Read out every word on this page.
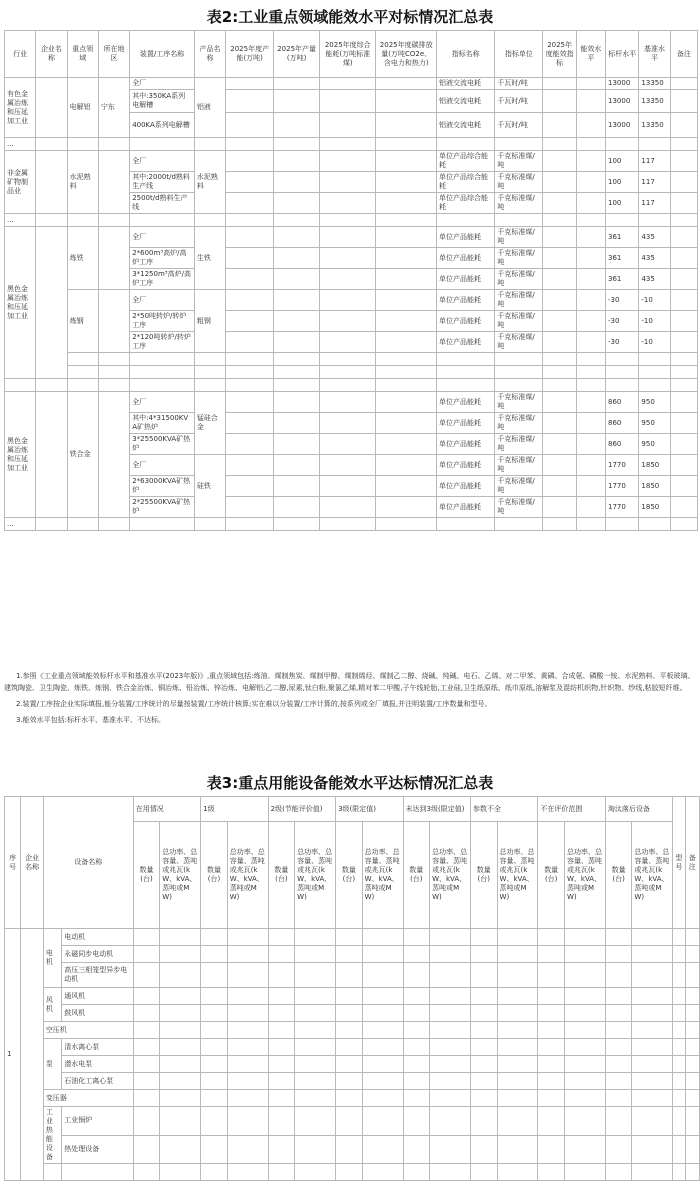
表2:工业重点领域能效水平对标情况汇总表
行业	企业名称	重点领域	所在地区	装置/工序名称	产品名称	2025年度产能(万吨)	2025年产量(万吨)	2025年度综合能耗(万吨标准煤)	2025年度碳排放量(万吨CO2e、含电力和热力)	指标名称	指标单位	2025年度能效指标	能效水平	标杆水平	基准水平	备注
有色金属冶炼和压延加工业		电解铝	宁东	全厂	铝液					铝液交流电耗	千瓦时/吨			13000	13350	
				其中:350KA系列电解槽						铝液交流电耗	千瓦时/吨			13000	13350	
				400KA系列电解槽						铝液交流电耗	千瓦时/吨			13000	13350	
...																
非金属矿物制品业		水泥熟料		全厂	水泥熟料					单位产品综合能耗	千克标准煤/吨			100	117	
				其中:2000t/d熟料生产线						单位产品综合能耗	千克标准煤/吨			100	117	
				2500t/d熟料生产线						单位产品综合能耗	千克标准煤/吨			100	117	
...																
黑色金属冶炼和压延加工业		炼铁		全厂	生铁					单位产品能耗	千克标准煤/吨			361	435	
				2*600m³高炉/高炉工序						单位产品能耗	千克标准煤/吨			361	435	
				3*1250m³高炉/高炉工序						单位产品能耗	千克标准煤/吨			361	435	
		炼钢		全厂	粗钢					单位产品能耗	千克标准煤/吨			-30	-10	
				2*50吨转炉/转炉工序						单位产品能耗	千克标准煤/吨			-30	-10	
				2*120吨转炉/转炉工序						单位产品能耗	千克标准煤/吨			-30	-10	

黑色金属冶炼和压延加工业		铁合金		全厂	锰硅合金					单位产品能耗	千克标准煤/吨			860	950	
				其中:4*31500KVA矿热炉						单位产品能耗	千克标准煤/吨			860	950	
				3*25500KVA矿热炉						单位产品能耗	千克标准煤/吨			860	950	
				全厂	硅铁					单位产品能耗	千克标准煤/吨			1770	1850	
				2*63000KVA矿热炉						单位产品能耗	千克标准煤/吨			1770	1850	
				2*25500KVA矿热炉						单位产品能耗	千克标准煤/吨			1770	1850	
...																

1.参照《工业重点领域能效标杆水平和基准水平(2023年版)》,重点领域包括:炼油、煤制焦炭、煤制甲醇、煤制烯烃、煤制乙二醇、烧碱、纯碱、电石、乙烯、对二甲苯、黄磷、合成氨、磷酸一铵、水泥熟料、平板玻璃、建筑陶瓷、卫生陶瓷、炼铁、炼钢、铁合金冶炼、铜冶炼、铅冶炼、锌冶炼、电解铝;乙二醇,尿素,钛白粉,聚氯乙烯,精对苯二甲酸,子午线轮胎,工业硅,卫生纸原纸、纸巾原纸,溶解浆及混纺机织物,针织物、纱线,粘胶短纤维。

2.装置/工序按企业实际填报,能分装置/工序统计的尽量按装置/工序统计核算;实在难以分装置/工序计算的,按系列或全厂填报,并注明装置/工序数量和型号。

3.能效水平包括:标杆水平、基准水平、不达标。

表3:重点用能设备能效水平达标情况汇总表
序号	企业名称	设备名称		在用情况		1级		2级(节能评价值)		3级(限定值)		未达到3级(限定值)		参数不全		不在评价范围		淘汰落后设备		型号	备注
				数量(台)	总功率、总容量、蒸吨或兆瓦(kW、kVA、蒸吨或MW)	数量(台)	总功率、总容量、蒸吨或兆瓦(kW、kVA、蒸吨或MW)	数量(台)	总功率、总容量、蒸吨或兆瓦(kW、kVA、蒸吨或MW)	数量(台)	总功率、总容量、蒸吨或兆瓦(kW、kVA、蒸吨或MW)	数量(台)	总功率、总容量、蒸吨或兆瓦(kW、kVA、蒸吨或MW)	数量(台)	总功率、总容量、蒸吨或兆瓦(kW、kVA、蒸吨或MW)	数量(台)	总功率、总容量、蒸吨或兆瓦(kW、kVA、蒸吨或MW)	数量(台)	总功率、总容量、蒸吨或兆瓦(kW、kVA、蒸吨或MW)		
1		电机	电动机																		
			永磁同步电动机																		
			高压三相笼型异步电动机																		
		风机	通风机																		
			鼓风机																		
		空压机																			
		泵	清水离心泵																		
			潜水电泵																		
			石油化工离心泵																		
		变压器																			
		工业热能设备	工业锅炉																		
			热处理设备																		
